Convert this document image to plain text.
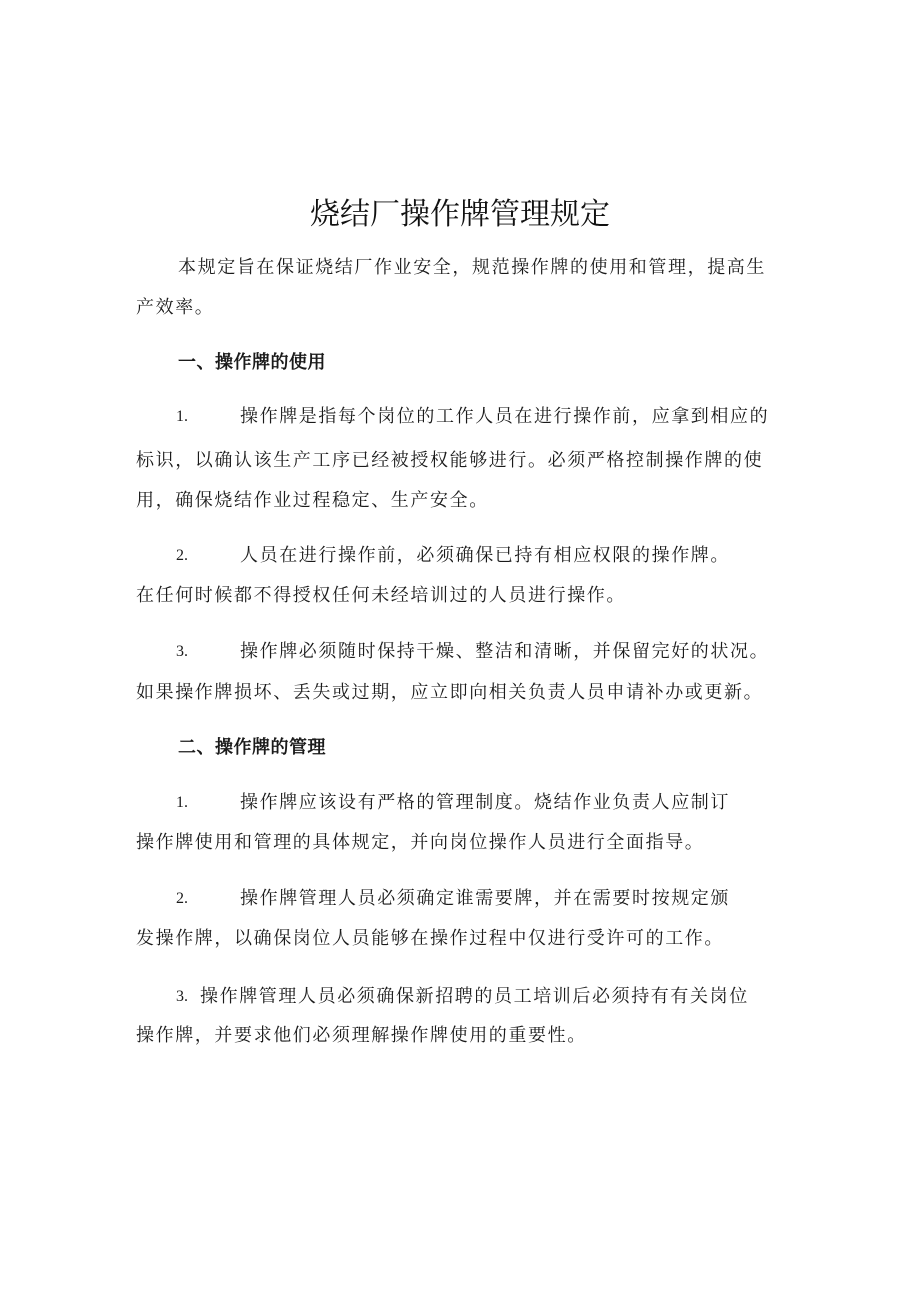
烧结厂操作牌管理规定
本规定旨在保证烧结厂作业安全，规范操作牌的使用和管理，提高生
产效率。
一、操作牌的使用
1.	操作牌是指每个岗位的工作人员在进行操作前，应拿到相应的
标识，以确认该生产工序已经被授权能够进行。必须严格控制操作牌的使
用，确保烧结作业过程稳定、生产安全。
2.	人员在进行操作前，必须确保已持有相应权限的操作牌。
在任何时候都不得授权任何未经培训过的人员进行操作。
3.	操作牌必须随时保持干燥、整洁和清晰，并保留完好的状况。
如果操作牌损坏、丢失或过期，应立即向相关负责人员申请补办或更新。
二、操作牌的管理
1.	操作牌应该设有严格的管理制度。烧结作业负责人应制订
操作牌使用和管理的具体规定，并向岗位操作人员进行全面指导。
2.	操作牌管理人员必须确定谁需要牌，并在需要时按规定颁
发操作牌，以确保岗位人员能够在操作过程中仅进行受许可的工作。
3. 操作牌管理人员必须确保新招聘的员工培训后必须持有有关岗位
操作牌，并要求他们必须理解操作牌使用的重要性。
